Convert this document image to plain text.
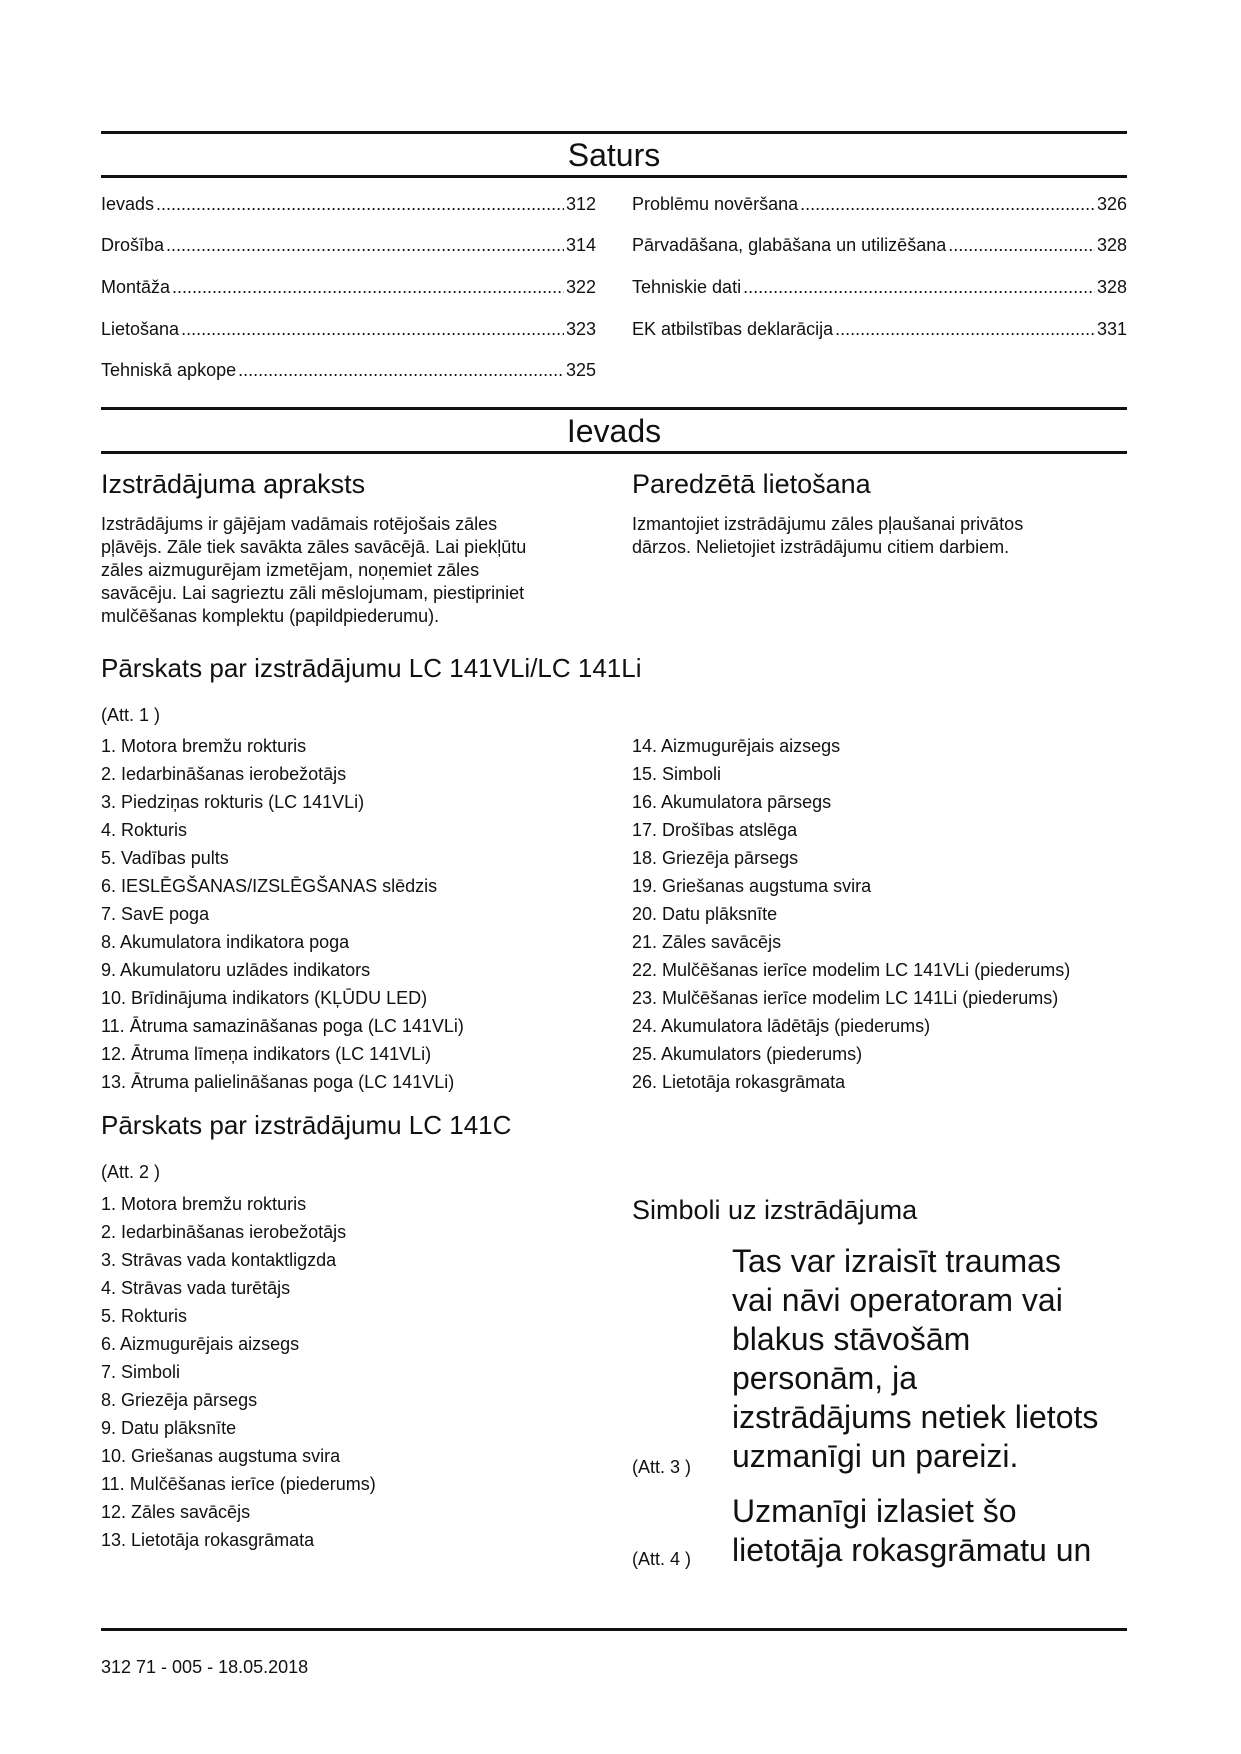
Saturs
Ievads .....	312
Drošība .....	314
Montāža .....	322
Lietošana .....	323
Tehniskā apkope .....	325
Problēmu novēršana .....	326
Pārvadāšana, glabāšana un utilizēšana .....	328
Tehniskie dati .....	328
EK atbilstības deklarācija .....	331
Ievads
Izstrādājuma apraksts
Izstrādājums ir gājējam vadāmais rotējošais zāles
pļāvējs. Zāle tiek savākta zāles savācējā. Lai piekļūtu
zāles aizmugurējam izmetējam, noņemiet zāles
savācēju. Lai sagrieztu zāli mēslojumam, piestipriniet
mulčēšanas komplektu (papildpiederumu).
Paredzētā lietošana
Izmantojiet izstrādājumu zāles pļaušanai privātos
dārzos. Nelietojiet izstrādājumu citiem darbiem.
Pārskats par izstrādājumu LC 141VLi/LC 141Li
(Att. 1 )
1. Motora bremžu rokturis
2. Iedarbināšanas ierobežotājs
3. Piedziņas rokturis (LC 141VLi)
4. Rokturis
5. Vadības pults
6. IESLĒGŠANAS/IZSLĒGŠANAS slēdzis
7. SavE poga
8. Akumulatora indikatora poga
9. Akumulatoru uzlādes indikators
10. Brīdinājuma indikators (KĻŪDU LED)
11. Ātruma samazināšanas poga (LC 141VLi)
12. Ātruma līmeņa indikators (LC 141VLi)
13. Ātruma palielināšanas poga (LC 141VLi)
14. Aizmugurējais aizsegs
15. Simboli
16. Akumulatora pārsegs
17. Drošības atslēga
18. Griezēja pārsegs
19. Griešanas augstuma svira
20. Datu plāksnīte
21. Zāles savācējs
22. Mulčēšanas ierīce modelim LC 141VLi (piederums)
23. Mulčēšanas ierīce modelim LC 141Li (piederums)
24. Akumulatora lādētājs (piederums)
25. Akumulators (piederums)
26. Lietotāja rokasgrāmata
Pārskats par izstrādājumu LC 141C
(Att. 2 )
1. Motora bremžu rokturis
2. Iedarbināšanas ierobežotājs
3. Strāvas vada kontaktligzda
4. Strāvas vada turētājs
5. Rokturis
6. Aizmugurējais aizsegs
7. Simboli
8. Griezēja pārsegs
9. Datu plāksnīte
10. Griešanas augstuma svira
11. Mulčēšanas ierīce (piederums)
12. Zāles savācējs
13. Lietotāja rokasgrāmata
Simboli uz izstrādājuma
Tas var izraisīt traumas
vai nāvi operatoram vai
blakus stāvošām
personām, ja
izstrādājums netiek lietots
uzmanīgi un pareizi.
(Att. 3 )
Uzmanīgi izlasiet šo
lietotāja rokasgrāmatu un
(Att. 4 )
312 71 - 005 - 18.05.2018
